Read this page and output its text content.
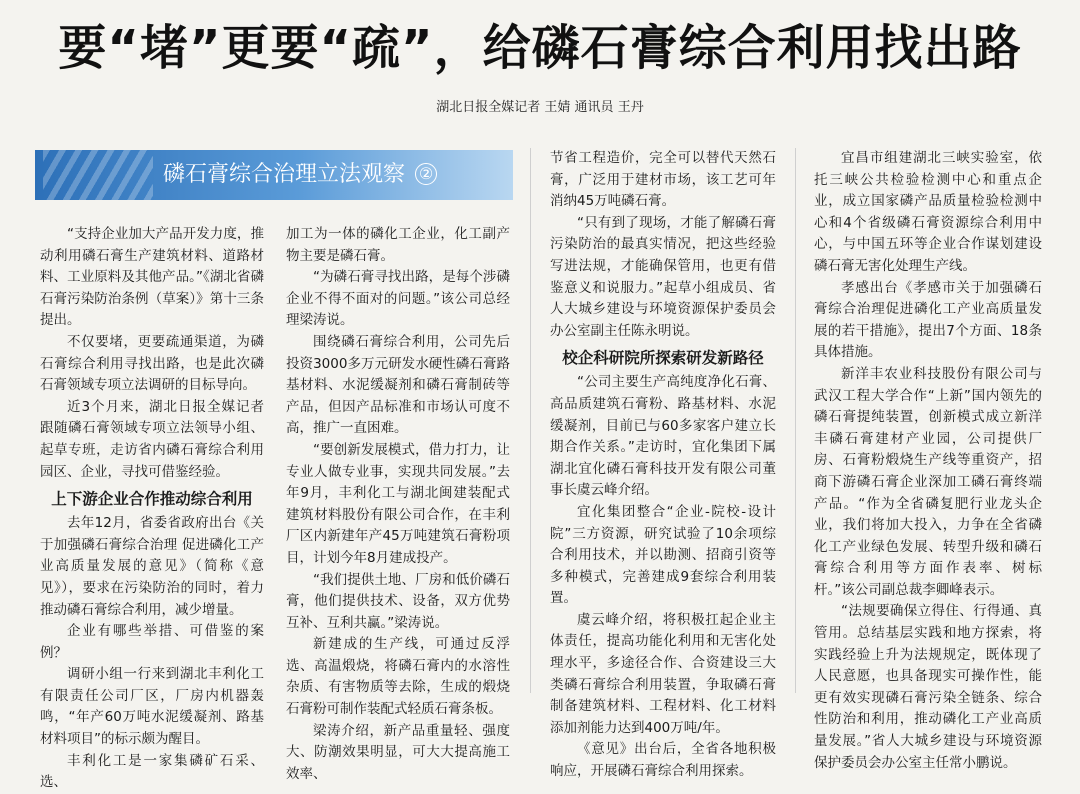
要“堵”更要“疏”，给磷石膏综合利用找出路
湖北日报全媒记者 王婧 通讯员 王丹
磷石膏综合治理立法观察 ②

“支持企业加大产品开发力度，推动利用磷石膏生产建筑材料、道路材料、工业原料及其他产品。”《湖北省磷石膏污染防治条例（草案）》第十三条提出。

不仅要堵，更要疏通渠道，为磷石膏综合利用寻找出路，也是此次磷石膏领域专项立法调研的目标导向。

近3个月来，湖北日报全媒记者跟随磷石膏领域专项立法领导小组、起草专班，走访省内磷石膏综合利用园区、企业，寻找可借鉴经验。

上下游企业合作推动综合利用

去年12月，省委省政府出台《关于加强磷石膏综合治理 促进磷化工产业高质量发展的意见》（简称《意见》），要求在污染防治的同时，着力推动磷石膏综合利用，减少增量。

企业有哪些举措、可借鉴的案例？

调研小组一行来到湖北丰利化工有限责任公司厂区，厂房内机器轰鸣，“年产60万吨水泥缓凝剂、路基材料项目”的标示颇为醒目。

丰利化工是一家集磷矿石采、选、

加工为一体的磷化工企业，化工副产物主要是磷石膏。

“为磷石膏寻找出路，是每个涉磷企业不得不面对的问题。”该公司总经理梁涛说。

围绕磷石膏综合利用，公司先后投资3000多万元研发水硬性磷石膏路基材料、水泥缓凝剂和磷石膏制砖等产品，但因产品标准和市场认可度不高，推广一直困难。

“要创新发展模式，借力打力，让专业人做专业事，实现共同发展。”去年9月，丰利化工与湖北闽建装配式建筑材料股份有限公司合作，在丰利厂区内新建年产45万吨建筑石膏粉项目，计划今年8月建成投产。

“我们提供土地、厂房和低价磷石膏，他们提供技术、设备，双方优势互补、互利共赢。”梁涛说。

新建成的生产线，可通过反浮选、高温煅烧，将磷石膏内的水溶性杂质、有害物质等去除，生成的煅烧石膏粉可制作装配式轻质石膏条板。

梁涛介绍，新产品重量轻、强度大、防潮效果明显，可大大提高施工效率、

节省工程造价，完全可以替代天然石膏，广泛用于建材市场，该工艺可年消纳45万吨磷石膏。

“只有到了现场，才能了解磷石膏污染防治的最真实情况，把这些经验写进法规，才能确保管用，也更有借鉴意义和说服力。”起草小组成员、省人大城乡建设与环境资源保护委员会办公室副主任陈永明说。

校企科研院所探索研发新路径

“公司主要生产高纯度净化石膏、高品质建筑石膏粉、路基材料、水泥缓凝剂，目前已与60多家客户建立长期合作关系。”走访时，宜化集团下属湖北宜化磷石膏科技开发有限公司董事长虞云峰介绍。

宜化集团整合“企业-院校-设计院”三方资源，研究试验了10余项综合利用技术，并以勘测、招商引资等多种模式，完善建成9套综合利用装置。

虞云峰介绍，将积极扛起企业主体责任，提高功能化利用和无害化处理水平，多途径合作、合资建设三大类磷石膏综合利用装置，争取磷石膏制备建筑材料、工程材料、化工材料添加剂能力达到400万吨/年。

《意见》出台后，全省各地积极响应，开展磷石膏综合利用探索。

宜昌市组建湖北三峡实验室，依托三峡公共检验检测中心和重点企业，成立国家磷产品质量检验检测中心和4个省级磷石膏资源综合利用中心，与中国五环等企业合作谋划建设磷石膏无害化处理生产线。

孝感出台《孝感市关于加强磷石膏综合治理促进磷化工产业高质量发展的若干措施》，提出7个方面、18条具体措施。

新洋丰农业科技股份有限公司与武汉工程大学合作“上新”国内领先的磷石膏提纯装置，创新模式成立新洋丰磷石膏建材产业园，公司提供厂房、石膏粉煅烧生产线等重资产，招商下游磷石膏企业深加工磷石膏终端产品。“作为全省磷复肥行业龙头企业，我们将加大投入，力争在全省磷化工产业绿色发展、转型升级和磷石膏综合利用等方面作表率、树标杆。”该公司副总裁李卿峰表示。

“法规要确保立得住、行得通、真管用。总结基层实践和地方探索，将实践经验上升为法规规定，既体现了人民意愿，也具备现实可操作性，能更有效实现磷石膏污染全链条、综合性防治和利用，推动磷化工产业高质量发展。”省人大城乡建设与环境资源保护委员会办公室主任常小鹏说。
